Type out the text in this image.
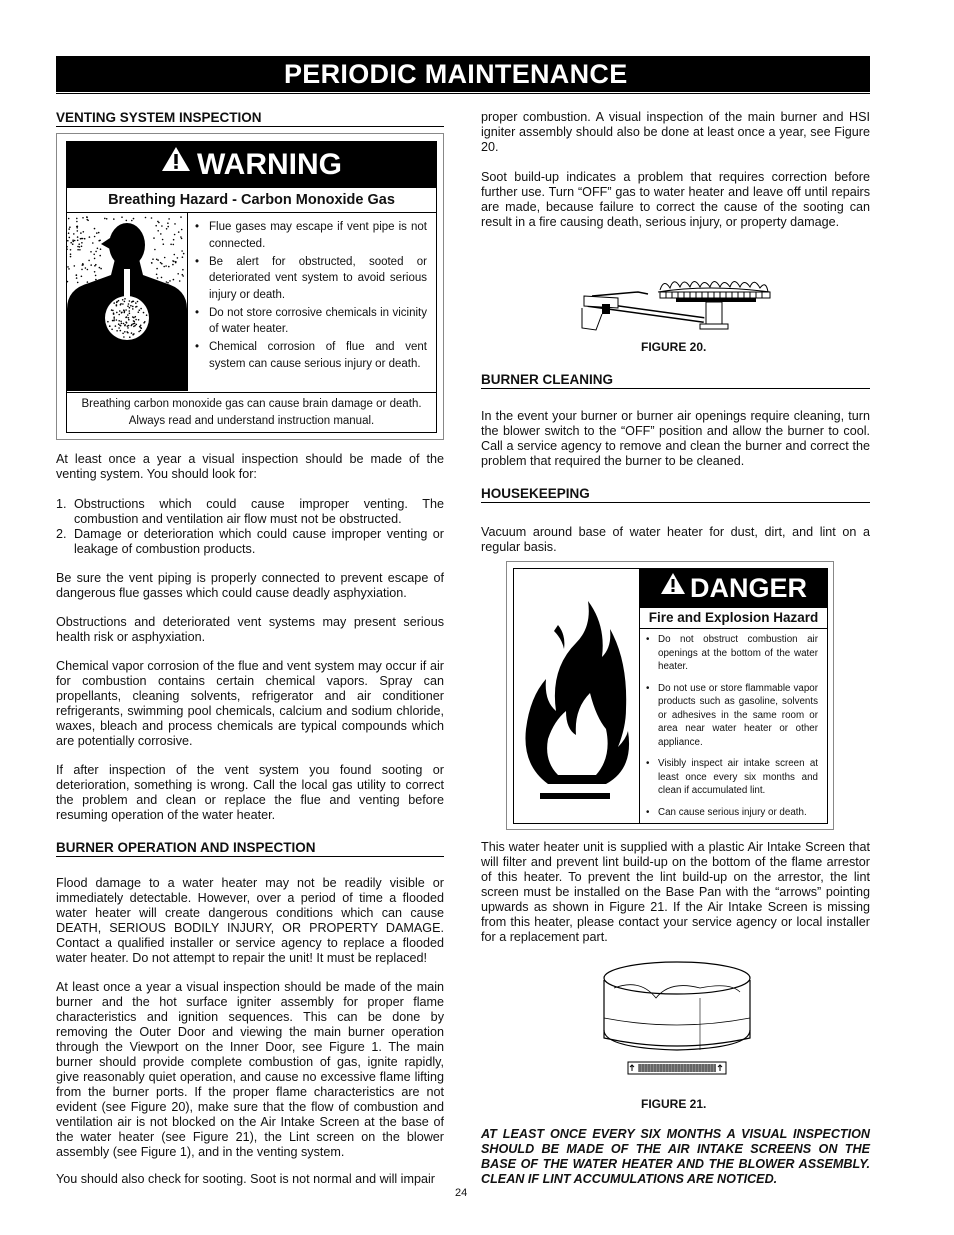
PERIODIC MAINTENANCE
VENTING SYSTEM INSPECTION
WARNING
Breathing Hazard - Carbon Monoxide Gas
• Flue gases may escape if vent pipe is not connected.
• Be alert for obstructed, sooted or deteriorated vent system to avoid serious injury or death.
• Do not store corrosive chemicals in vicinity of water heater.
• Chemical corrosion of flue and vent system can cause serious injury or death.
Breathing carbon monoxide gas can cause brain damage or death.
Always read and understand instruction manual.
At least once a year a visual inspection should be made of the venting system. You should look for:
1. Obstructions which could cause improper venting. The combustion and ventilation air flow must not be obstructed.
2. Damage or deterioration which could cause improper venting or leakage of combustion products.
Be sure the vent piping is properly connected to prevent escape of dangerous flue gasses which could cause deadly asphyxiation.
Obstructions and deteriorated vent systems may present serious health risk or asphyxiation.
Chemical vapor corrosion of the flue and vent system may occur if air for combustion contains certain chemical vapors. Spray can propellants, cleaning solvents, refrigerator and air conditioner refrigerants, swimming pool chemicals, calcium and sodium chloride, waxes, bleach and process chemicals are typical compounds which are potentially corrosive.
If after inspection of the vent system you found sooting or deterioration, something is wrong. Call the local gas utility to correct the problem and clean or replace the flue and venting before resuming operation of the water heater.
BURNER OPERATION AND INSPECTION
Flood damage to a water heater may not be readily visible or immediately detectable. However, over a period of time a flooded water heater will create dangerous conditions which can cause DEATH, SERIOUS BODILY INJURY, OR PROPERTY DAMAGE. Contact a qualified installer or service agency to replace a flooded water heater. Do not attempt to repair the unit! It must be replaced!
At least once a year a visual inspection should be made of the main burner and the hot surface igniter assembly for proper flame characteristics and ignition sequences. This can be done by removing the Outer Door and viewing the main burner operation through the Viewport on the Inner Door, see Figure 1. The main burner should provide complete combustion of gas, ignite rapidly, give reasonably quiet operation, and cause no excessive flame lifting from the burner ports. If the proper flame characteristics are not evident (see Figure 20), make sure that the flow of combustion and ventilation air is not blocked on the Air Intake Screen at the base of the water heater (see Figure 21), the Lint screen on the blower assembly (see Figure 1), and in the venting system.
You should also check for sooting. Soot is not normal and will impair
24
proper combustion. A visual inspection of the main burner and HSI igniter assembly should also be done at least once a year, see Figure 20.
Soot build-up indicates a problem that requires correction before further use. Turn “OFF” gas to water heater and leave off until repairs are made, because failure to correct the cause of the sooting can result in a fire causing death, serious injury, or property damage.
FIGURE 20.
BURNER CLEANING
In the event your burner or burner air openings require cleaning, turn the blower switch to the “OFF” position and allow the burner to cool. Call a service agency to remove and clean the burner and correct the problem that required the burner to be cleaned.
HOUSEKEEPING
Vacuum around base of water heater for dust, dirt, and lint on a regular basis.
DANGER
Fire and Explosion Hazard
• Do not obstruct combustion air openings at the bottom of the water heater.
• Do not use or store flammable vapor products such as gasoline, solvents or adhesives in the same room or area near water heater or other appliance.
• Visibly inspect air intake screen at least once every six months and clean if accumulated lint.
• Can cause serious injury or death.
This water heater unit is supplied with a plastic Air Intake Screen that will filter and prevent lint build-up on the bottom of the flame arrestor of this heater. To prevent the lint build-up on the arrestor, the lint screen must be installed on the Base Pan with the “arrows” pointing upwards as shown in Figure 21. If the Air Intake Screen is missing from this heater, please contact your service agency or local installer for a replacement part.
FIGURE 21.
AT LEAST ONCE EVERY SIX MONTHS A VISUAL INSPECTION SHOULD BE MADE OF THE AIR INTAKE SCREENS ON THE BASE OF THE WATER HEATER AND THE BLOWER ASSEMBLY. CLEAN IF LINT ACCUMULATIONS ARE NOTICED.
